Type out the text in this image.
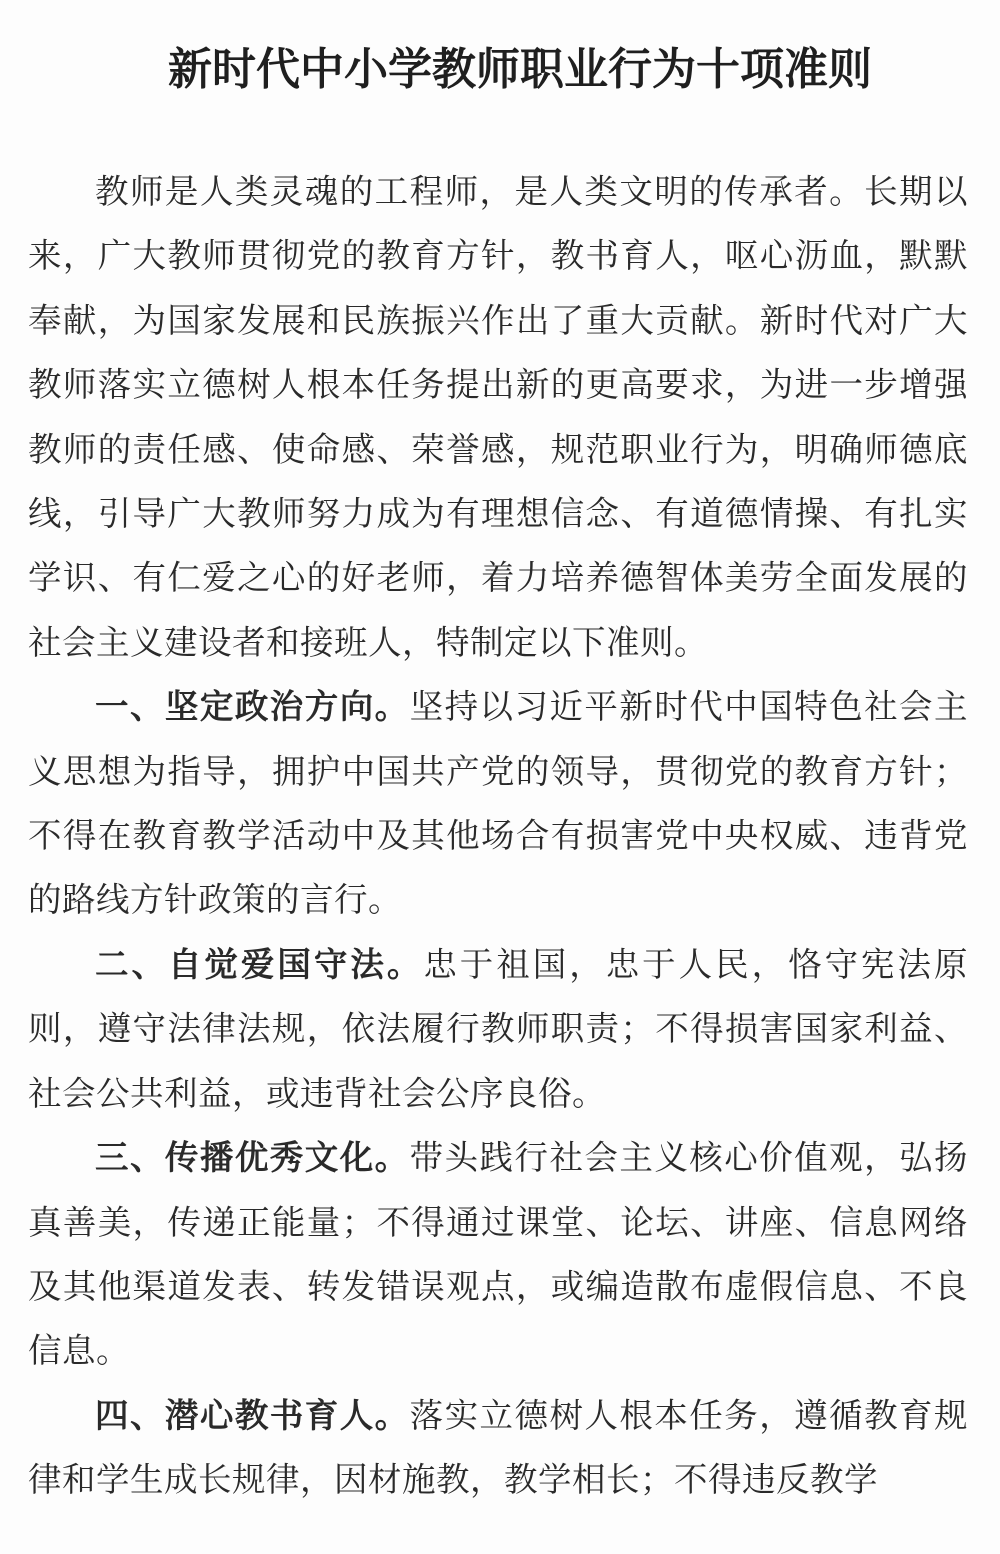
新时代中小学教师职业行为十项准则

教师是人类灵魂的工程师，是人类文明的传承者。长期以来，广大教师贯彻党的教育方针，教书育人，呕心沥血，默默奉献，为国家发展和民族振兴作出了重大贡献。新时代对广大教师落实立德树人根本任务提出新的更高要求，为进一步增强教师的责任感、使命感、荣誉感，规范职业行为，明确师德底线，引导广大教师努力成为有理想信念、有道德情操、有扎实学识、有仁爱之心的好老师，着力培养德智体美劳全面发展的社会主义建设者和接班人，特制定以下准则。

一、坚定政治方向。坚持以习近平新时代中国特色社会主义思想为指导，拥护中国共产党的领导，贯彻党的教育方针；不得在教育教学活动中及其他场合有损害党中央权威、违背党的路线方针政策的言行。

二、自觉爱国守法。忠于祖国，忠于人民，恪守宪法原则，遵守法律法规，依法履行教师职责；不得损害国家利益、社会公共利益，或违背社会公序良俗。

三、传播优秀文化。带头践行社会主义核心价值观，弘扬真善美，传递正能量；不得通过课堂、论坛、讲座、信息网络及其他渠道发表、转发错误观点，或编造散布虚假信息、不良信息。

四、潜心教书育人。落实立德树人根本任务，遵循教育规律和学生成长规律，因材施教，教学相长；不得违反教学
